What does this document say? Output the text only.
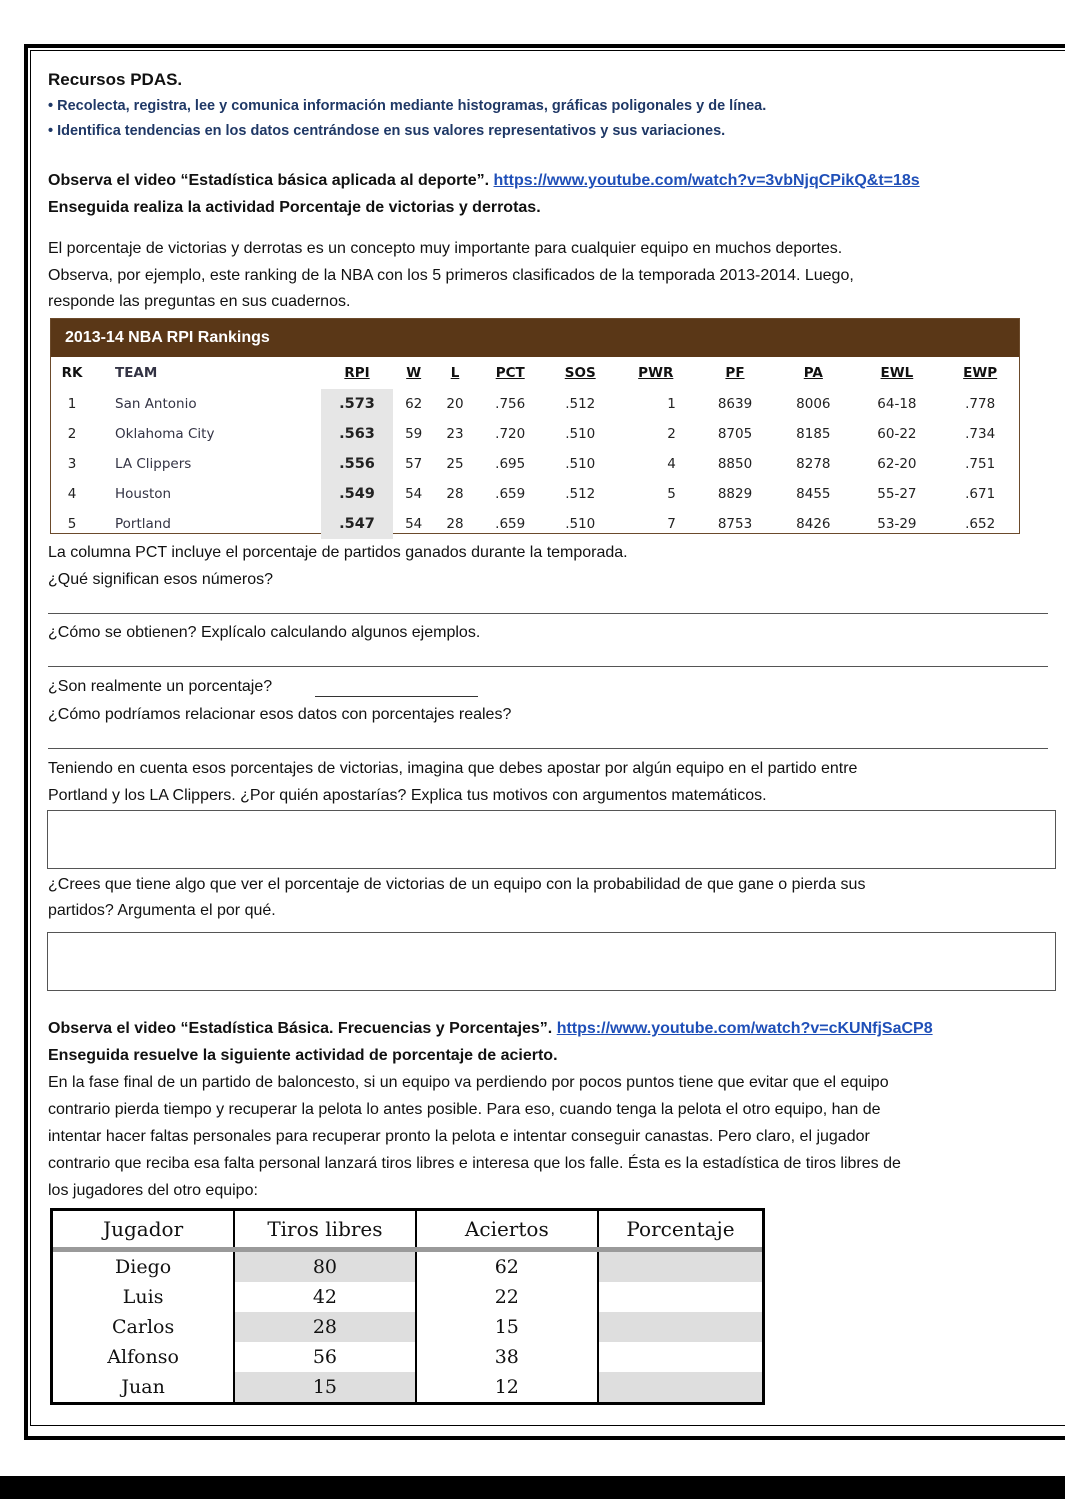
Recursos PDAS.
• Recolecta, registra, lee y comunica información mediante histogramas, gráficas poligonales y de línea.
• Identifica tendencias en los datos centrándose en sus valores representativos y sus variaciones.
Observa el video “Estadística básica aplicada al deporte”. https://www.youtube.com/watch?v=3vbNjqCPikQ&t=18s
Enseguida realiza la actividad Porcentaje de victorias y derrotas.
El porcentaje de victorias y derrotas es un concepto muy importante para cualquier equipo en muchos deportes.
Observa, por ejemplo, este ranking de la NBA con los 5 primeros clasificados de la temporada 2013-2014. Luego,
responde las preguntas en sus cuadernos.
2013-14 NBA RPI Rankings
RK	TEAM	RPI	W	L	PCT	SOS	PWR	PF	PA	EWL	EWP
1	San Antonio	.573	62	20	.756	.512	1	8639	8006	64-18	.778
2	Oklahoma City	.563	59	23	.720	.510	2	8705	8185	60-22	.734
3	LA Clippers	.556	57	25	.695	.510	4	8850	8278	62-20	.751
4	Houston	.549	54	28	.659	.512	5	8829	8455	55-27	.671
5	Portland	.547	54	28	.659	.510	7	8753	8426	53-29	.652
La columna PCT incluye el porcentaje de partidos ganados durante la temporada.
¿Qué significan esos números?
¿Cómo se obtienen? Explícalo calculando algunos ejemplos.
¿Son realmente un porcentaje?
¿Cómo podríamos relacionar esos datos con porcentajes reales?
Teniendo en cuenta esos porcentajes de victorias, imagina que debes apostar por algún equipo en el partido entre
Portland y los LA Clippers. ¿Por quién apostarías? Explica tus motivos con argumentos matemáticos.
¿Crees que tiene algo que ver el porcentaje de victorias de un equipo con la probabilidad de que gane o pierda sus
partidos? Argumenta el por qué.
Observa el video “Estadística Básica. Frecuencias y Porcentajes”. https://www.youtube.com/watch?v=cKUNfjSaCP8
Enseguida resuelve la siguiente actividad de porcentaje de acierto.
En la fase final de un partido de baloncesto, si un equipo va perdiendo por pocos puntos tiene que evitar que el equipo
contrario pierda tiempo y recuperar la pelota lo antes posible. Para eso, cuando tenga la pelota el otro equipo, han de
intentar hacer faltas personales para recuperar pronto la pelota e intentar conseguir canastas. Pero claro, el jugador
contrario que reciba esa falta personal lanzará tiros libres e interesa que los falle. Ésta es la estadística de tiros libres de
los jugadores del otro equipo:
Jugador	Tiros libres	Aciertos	Porcentaje
Diego	80	62	
Luis	42	22	
Carlos	28	15	
Alfonso	56	38	
Juan	15	12	
